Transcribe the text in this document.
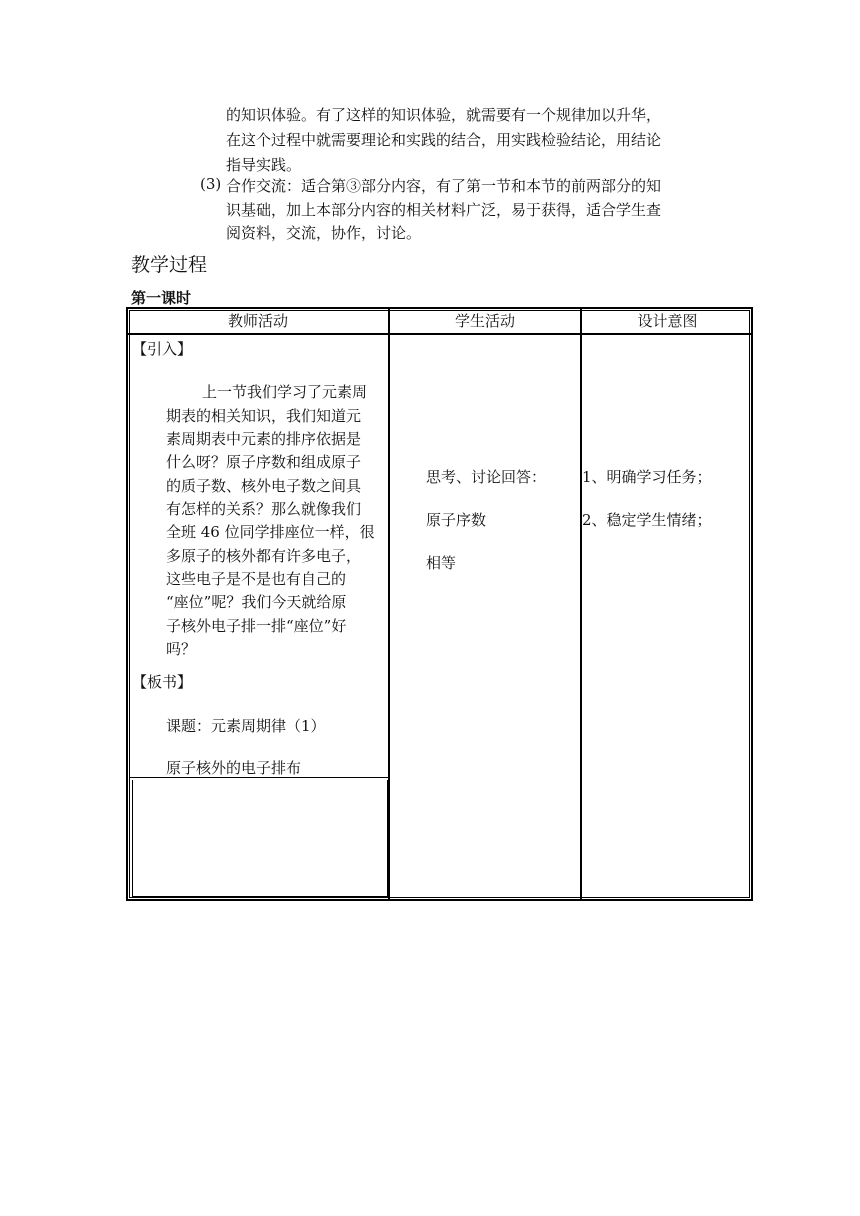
的知识体验。有了这样的知识体验，就需要有一个规律加以升华，
在这个过程中就需要理论和实践的结合，用实践检验结论，用结论
指导实践。
(3) 合作交流：适合第③部分内容，有了第一节和本节的前两部分的知
识基础，加上本部分内容的相关材料广泛，易于获得，适合学生查
阅资料，交流，协作，讨论。
教学过程
第一课时
教师活动	学生活动	设计意图
【引入】
上一节我们学习了元素周
期表的相关知识，我们知道元
素周期表中元素的排序依据是
什么呀？原子序数和组成原子
的质子数、核外电子数之间具
有怎样的关系？那么就像我们
全班 46 位同学排座位一样，很
多原子的核外都有许多电子，
这些电子是不是也有自己的
“座位”呢？我们今天就给原
子核外电子排一排“座位”好
吗？
【板书】
课题：元素周期律（1）
原子核外的电子排布
思考、讨论回答：
原子序数
相等
1、明确学习任务；
2、稳定学生情绪；
